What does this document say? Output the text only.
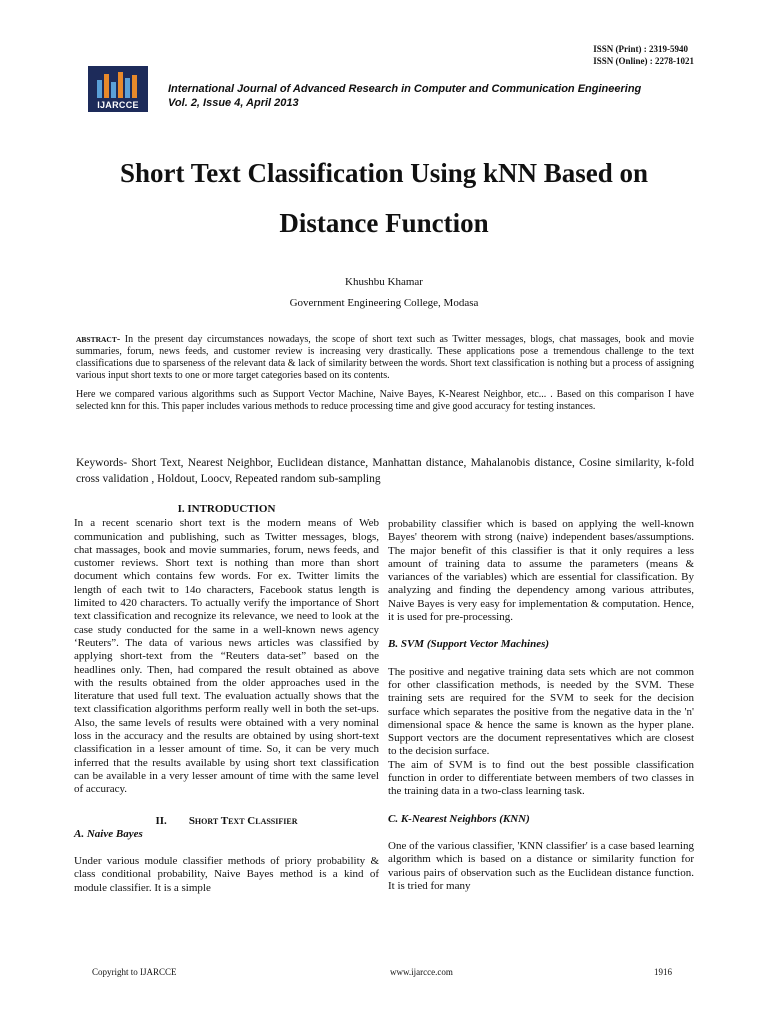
ISSN (Print) : 2319-5940
ISSN (Online) : 2278-1021
IJARCCE
International Journal of Advanced Research in Computer and Communication Engineering
Vol. 2, Issue 4, April 2013
Short Text Classification Using kNN Based on
Distance Function
Khushbu Khamar
Government Engineering College, Modasa

ABSTRACT- In the present day circumstances nowadays, the scope of short text such as Twitter messages, blogs, chat massages, book and movie summaries, forum, news feeds, and customer review is increasing very drastically. These applications pose a tremendous challenge to the text classifications due to sparseness of the relevant data & lack of similarity between the words. Short text classification is nothing but a process of assigning various input short texts to one or more target categories based on its contents.

Here we compared various algorithms such as Support Vector Machine, Naive Bayes, K-Nearest Neighbor, etc... . Based on this comparison I have selected knn for this. This paper includes various methods to reduce processing time and give good accuracy for testing instances.

Keywords- Short Text, Nearest Neighbor, Euclidean distance, Manhattan distance, Mahalanobis distance, Cosine similarity, k-fold cross validation , Holdout, Loocv, Repeated random sub-sampling

I. INTRODUCTION

In a recent scenario short text is the modern means of Web communication and publishing, such as Twitter messages, blogs, chat massages, book and movie summaries, forum, news feeds, and customer reviews. Short text is nothing than more than short document which contains few words. For ex. Twitter limits the length of each twit to 14o characters, Facebook status length is limited to 420 characters. To actually verify the importance of Short text classification and recognize its relevance, we need to look at the case study conducted for the same in a well-known news agency ‘Reuters”. The data of various news articles was classified by applying short-text from the “Reuters data-set” based on the headlines only. Then, had compared the result obtained as above with the results obtained from the older approaches used in the literature that used full text. The evaluation actually shows that the text classification algorithms perform really well in both the set-ups. Also, the same levels of results were obtained with a very nominal loss in the accuracy and the results are obtained by using short-text classification in a lesser amount of time. So, it can be very much inferred that the results available by using short text classification can be available in a very lesser amount of time with the same level of accuracy.

II. Short Text Classifier

A. Naive Bayes

Under various module classifier methods of priory probability & class conditional probability, Naive Bayes method is a kind of module classifier. It is a simple

probability classifier which is based on applying the well-known Bayes' theorem with strong (naive) independent bases/assumptions. The major benefit of this classifier is that it only requires a less amount of training data to assume the parameters (means & variances of the variables) which are essential for classification. By analyzing and finding the dependency among various attributes, Naive Bayes is very easy for implementation & computation. Hence, it is used for pre-processing.

B. SVM (Support Vector Machines)

The positive and negative training data sets which are not common for other classification methods, is needed by the SVM. These training sets are required for the SVM to seek for the decision surface which separates the positive from the negative data in the 'n' dimensional space & hence the same is known as the hyper plane. Support vectors are the document representatives which are closest to the decision surface.

The aim of SVM is to find out the best possible classification function in order to differentiate between members of two classes in the training data in a two-class learning task.

C. K-Nearest Neighbors (KNN)

One of the various classifier, 'KNN classifier' is a case based learning algorithm which is based on a distance or similarity function for various pairs of observation such as the Euclidean distance function. It is tried for many

Copyright to IJARCCE	www.ijarcce.com	1916
